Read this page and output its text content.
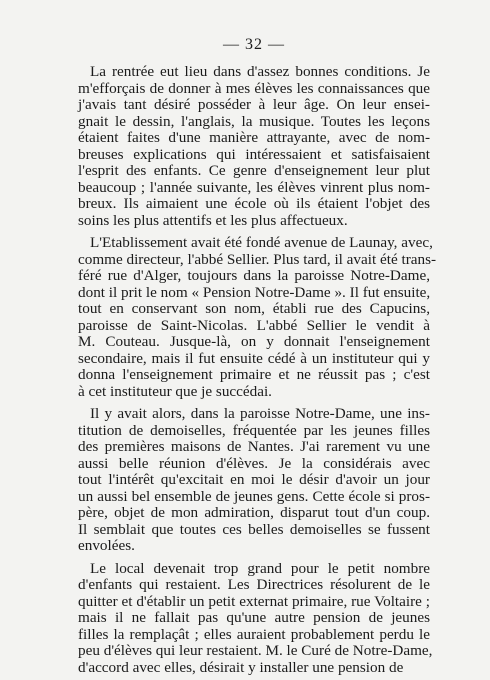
— 32 —
La rentrée eut lieu dans d'assez bonnes conditions. Je
m'efforçais de donner à mes élèves les connaissances que
j'avais tant désiré posséder à leur âge. On leur ensei-
gnait le dessin, l'anglais, la musique. Toutes les leçons
étaient faites d'une manière attrayante, avec de nom-
breuses explications qui intéressaient et satisfaisaient
l'esprit des enfants. Ce genre d'enseignement leur plut
beaucoup ; l'année suivante, les élèves vinrent plus nom-
breux. Ils aimaient une école où ils étaient l'objet des
soins les plus attentifs et les plus affectueux.
L'Etablissement avait été fondé avenue de Launay, avec,
comme directeur, l'abbé Sellier. Plus tard, il avait été trans-
féré rue d'Alger, toujours dans la paroisse Notre-Dame,
dont il prit le nom « Pension Notre-Dame ». Il fut ensuite,
tout en conservant son nom, établi rue des Capucins,
paroisse de Saint-Nicolas. L'abbé Sellier le vendit à
M. Couteau. Jusque-là, on y donnait l'enseignement
secondaire, mais il fut ensuite cédé à un instituteur qui y
donna l'enseignement primaire et ne réussit pas ; c'est
à cet instituteur que je succédai.
Il y avait alors, dans la paroisse Notre-Dame, une ins-
titution de demoiselles, fréquentée par les jeunes filles
des premières maisons de Nantes. J'ai rarement vu une
aussi belle réunion d'élèves. Je la considérais avec
tout l'intérêt qu'excitait en moi le désir d'avoir un jour
un aussi bel ensemble de jeunes gens. Cette école si pros-
père, objet de mon admiration, disparut tout d'un coup.
Il semblait que toutes ces belles demoiselles se fussent
envolées.
Le local devenait trop grand pour le petit nombre
d'enfants qui restaient. Les Directrices résolurent de le
quitter et d'établir un petit externat primaire, rue Voltaire ;
mais il ne fallait pas qu'une autre pension de jeunes
filles la remplaçât ; elles auraient probablement perdu le
peu d'élèves qui leur restaient. M. le Curé de Notre-Dame,
d'accord avec elles, désirait y installer une pension de
